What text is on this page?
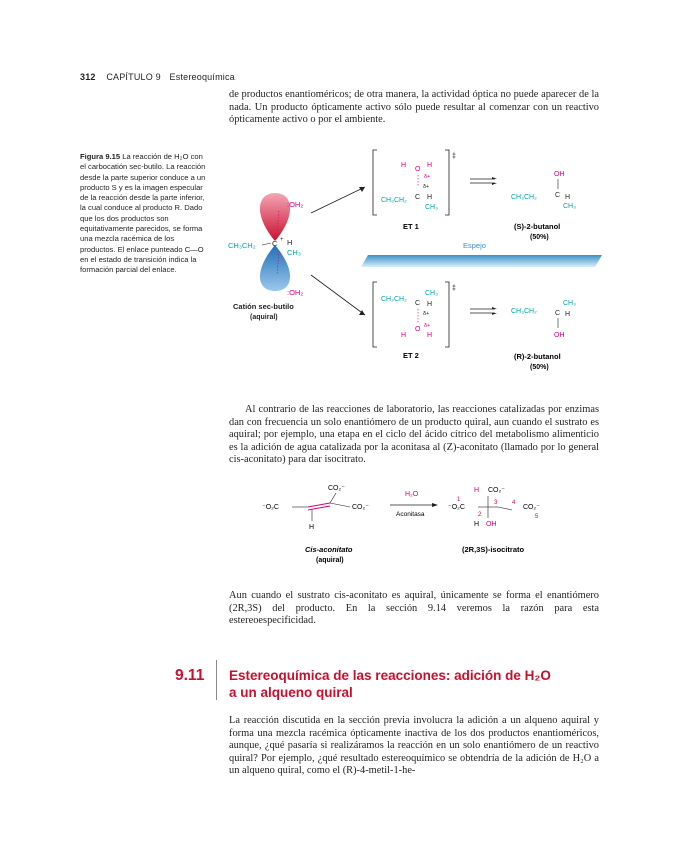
312 CAPÍTULO 9 Estereoquímica

de productos enantioméricos; de otra manera, la actividad óptica no puede aparecer de la nada. Un producto ópticamente activo sólo puede resultar al comenzar con un reactivo ópticamente activo o por el ambiente.

Figura 9.15 La reacción de H₂O con el carbocatión sec-butilo. La reacción desde la parte superior conduce a un producto S y es la imagen especular de la reacción desde la parte inferior, la cual conduce al producto R. Dado que los dos productos son equitativamente parecidos, se forma una mezcla racémica de los productos. El enlace punteado C—O en el estado de transición indica la formación parcial del enlace.
:OH₂
CH₃CH₂ C + H
CH₃
:OH₂
Catión sec-butilo
(aquiral)
‡
H
O
H
δ+
δ+
CH₃CH₂ C H
CH₃
ET 1
OH
CH₃CH₂	C H
CH₃
(S)-2-butanol
(50%)
Espejo
‡
CH₃CH₂
CH₃
C H
δ+
O δ+
H	H
ET 2
CH₃CH₂
CH₃
C H
OH
(R)-2-butanol
(50%)

Al contrario de las reacciones de laboratorio, las reacciones catalizadas por enzimas dan con frecuencia un solo enantiómero de un producto quiral, aun cuando el sustrato es aquiral; por ejemplo, una etapa en el ciclo del ácido cítrico del metabolismo alimenticio es la adición de agua catalizada por la aconitasa al (Z)-aconitato (llamado por lo general cis-aconitato) para dar isocitrato.

CO₂⁻
⁻O₂C	CO₂⁻
H
Cis-aconitato
(aquiral)
H₂O
Aconitasa
H CO₂⁻
1
⁻O₂C
2
3 4
CO₂⁻
5
H OH
(2R,3S)-isocitrato

Aun cuando el sustrato cis-aconitato es aquiral, únicamente se forma el enantiómero (2R,3S) del producto. En la sección 9.14 veremos la razón para esta estereoespecificidad.

9.11 Estereoquímica de las reacciones: adición de H₂O
a un alqueno quiral

La reacción discutida en la sección previa involucra la adición a un alqueno aquiral y forma una mezcla racémica ópticamente inactiva de los dos productos enantioméricos, aunque, ¿qué pasaría si realizáramos la reacción en un solo enantiómero de un reactivo quiral? Por ejemplo, ¿qué resultado estereoquímico se obtendría de la adición de H₂O a un alqueno quiral, como el (R)-4-metil-1-he-
